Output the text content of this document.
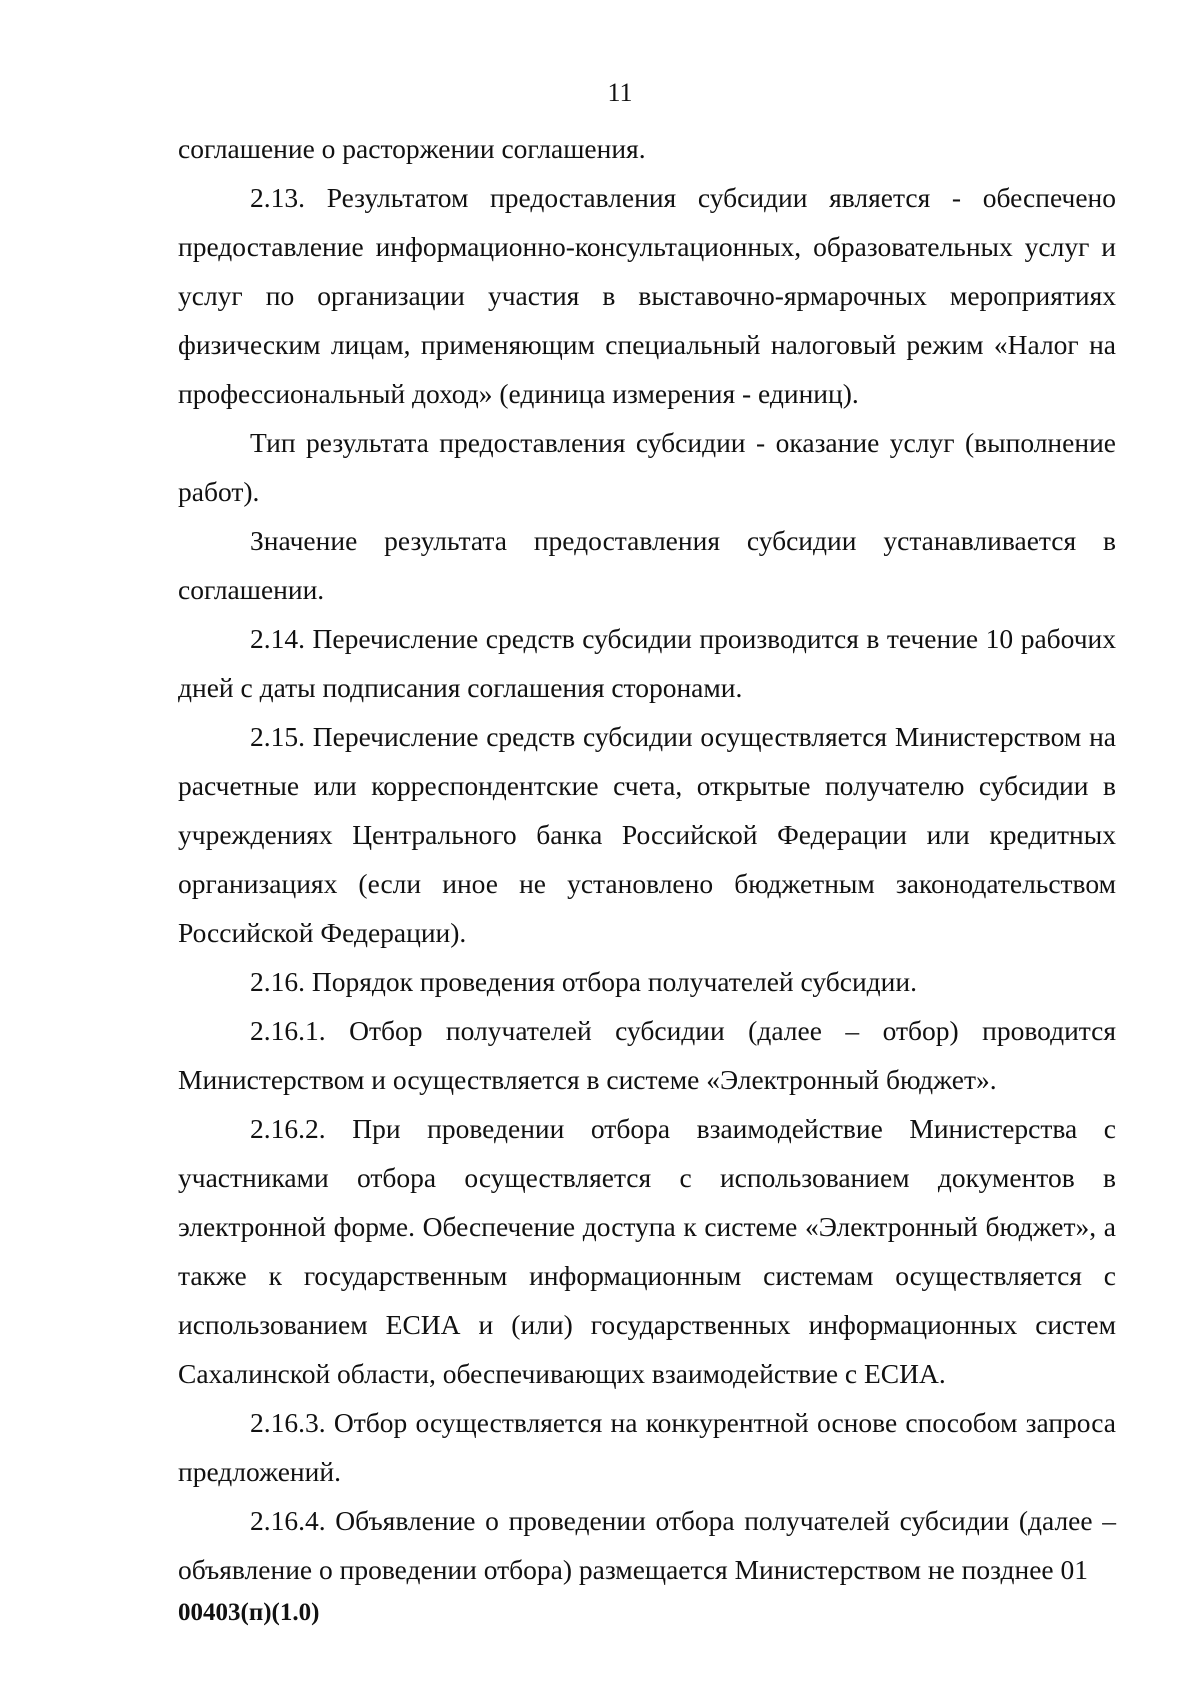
11

соглашение о расторжении соглашения.

2.13. Результатом предоставления субсидии является - обеспечено предоставление информационно-консультационных, образовательных услуг и услуг по организации участия в выставочно-ярмарочных мероприятиях физическим лицам, применяющим специальный налоговый режим «Налог на профессиональный доход» (единица измерения - единиц).

Тип результата предоставления субсидии - оказание услуг (выполнение работ).

Значение результата предоставления субсидии устанавливается в соглашении.

2.14. Перечисление средств субсидии производится в течение 10 рабочих дней с даты подписания соглашения сторонами.

2.15. Перечисление средств субсидии осуществляется Министерством на расчетные или корреспондентские счета, открытые получателю субсидии в учреждениях Центрального банка Российской Федерации или кредитных организациях (если иное не установлено бюджетным законодательством Российской Федерации).

2.16. Порядок проведения отбора получателей субсидии.

2.16.1. Отбор получателей субсидии (далее – отбор) проводится Министерством и осуществляется в системе «Электронный бюджет».

2.16.2. При проведении отбора взаимодействие Министерства с участниками отбора осуществляется с использованием документов в электронной форме. Обеспечение доступа к системе «Электронный бюджет», а также к государственным информационным системам осуществляется с использованием ЕСИА и (или) государственных информационных систем Сахалинской области, обеспечивающих взаимодействие с ЕСИА.

2.16.3. Отбор осуществляется на конкурентной основе способом запроса предложений.

2.16.4. Объявление о проведении отбора получателей субсидии (далее – объявление о проведении отбора) размещается Министерством не позднее 01

00403(п)(1.0)
